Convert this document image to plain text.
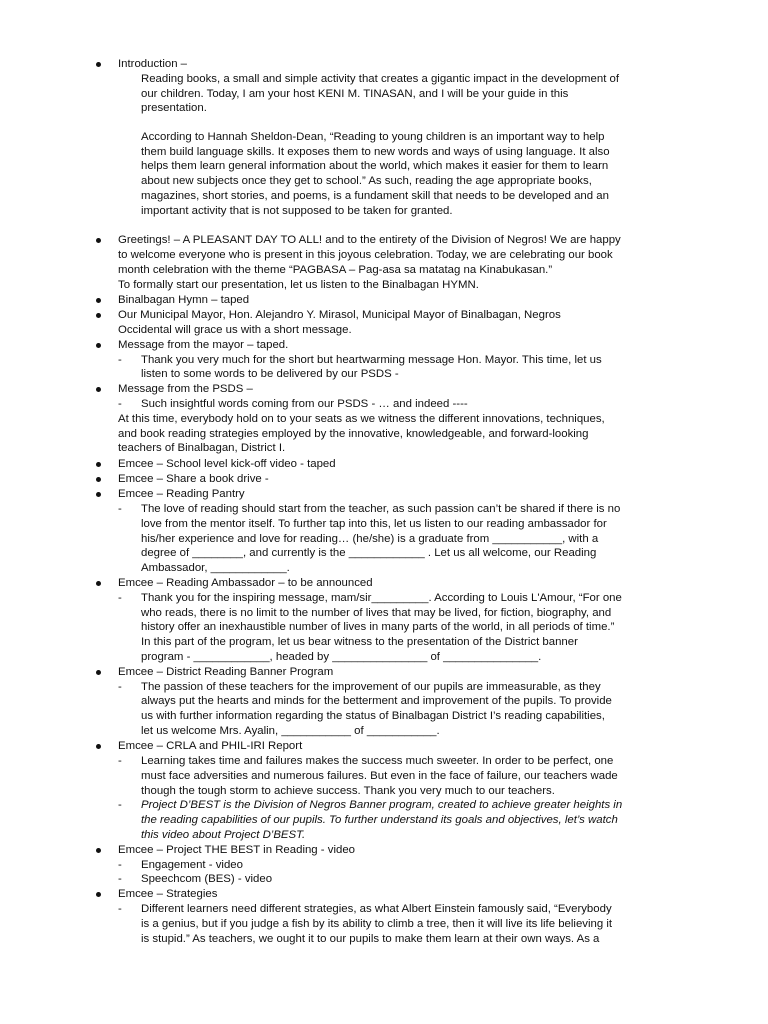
Introduction –
Reading books, a small and simple activity that creates a gigantic impact in the development of
our children. Today, I am your host KENI M. TINASAN, and I will be your guide in this
presentation.
According to Hannah Sheldon-Dean, “Reading to young children is an important way to help
them build language skills. It exposes them to new words and ways of using language. It also
helps them learn general information about the world, which makes it easier for them to learn
about new subjects once they get to school.” As such, reading the age appropriate books,
magazines, short stories, and poems, is a fundament skill that needs to be developed and an
important activity that is not supposed to be taken for granted.
Greetings! – A PLEASANT DAY TO ALL! and to the entirety of the Division of Negros! We are happy
to welcome everyone who is present in this joyous celebration. Today, we are celebrating our book
month celebration with the theme “PAGBASA – Pag-asa sa matatag na Kinabukasan.”
To formally start our presentation, let us listen to the Binalbagan HYMN.
Binalbagan Hymn – taped
Our Municipal Mayor, Hon. Alejandro Y. Mirasol, Municipal Mayor of Binalbagan, Negros
Occidental will grace us with a short message.
Message from the mayor – taped.
- Thank you very much for the short but heartwarming message Hon. Mayor. This time, let us
listen to some words to be delivered by our PSDS -
Message from the PSDS –
- Such insightful words coming from our PSDS - … and indeed ----
At this time, everybody hold on to your seats as we witness the different innovations, techniques,
and book reading strategies employed by the innovative, knowledgeable, and forward-looking
teachers of Binalbagan, District I.
Emcee – School level kick-off video - taped
Emcee – Share a book drive -
Emcee – Reading Pantry
- The love of reading should start from the teacher, as such passion can’t be shared if there is no
love from the mentor itself. To further tap into this, let us listen to our reading ambassador for
his/her experience and love for reading… (he/she) is a graduate from ___________, with a
degree of ________, and currently is the ____________ . Let us all welcome, our Reading
Ambassador, ____________.
Emcee – Reading Ambassador – to be announced
- Thank you for the inspiring message, mam/sir_________. According to Louis L'Amour, “For one
who reads, there is no limit to the number of lives that may be lived, for fiction, biography, and
history offer an inexhaustible number of lives in many parts of the world, in all periods of time.”
In this part of the program, let us bear witness to the presentation of the District banner
program - ____________, headed by _______________ of _______________.
Emcee – District Reading Banner Program
- The passion of these teachers for the improvement of our pupils are immeasurable, as they
always put the hearts and minds for the betterment and improvement of the pupils. To provide
us with further information regarding the status of Binalbagan District I’s reading capabilities,
let us welcome Mrs. Ayalin, ___________ of ___________.
Emcee – CRLA and PHIL-IRI Report
- Learning takes time and failures makes the success much sweeter. In order to be perfect, one
must face adversities and numerous failures. But even in the face of failure, our teachers wade
though the tough storm to achieve success. Thank you very much to our teachers.
- Project D’BEST is the Division of Negros Banner program, created to achieve greater heights in
the reading capabilities of our pupils. To further understand its goals and objectives, let’s watch
this video about Project D’BEST.
Emcee – Project THE BEST in Reading - video
- Engagement - video
- Speechcom (BES) - video
Emcee – Strategies
- Different learners need different strategies, as what Albert Einstein famously said, “Everybody
is a genius, but if you judge a fish by its ability to climb a tree, then it will live its life believing it
is stupid.” As teachers, we ought it to our pupils to make them learn at their own ways. As a
